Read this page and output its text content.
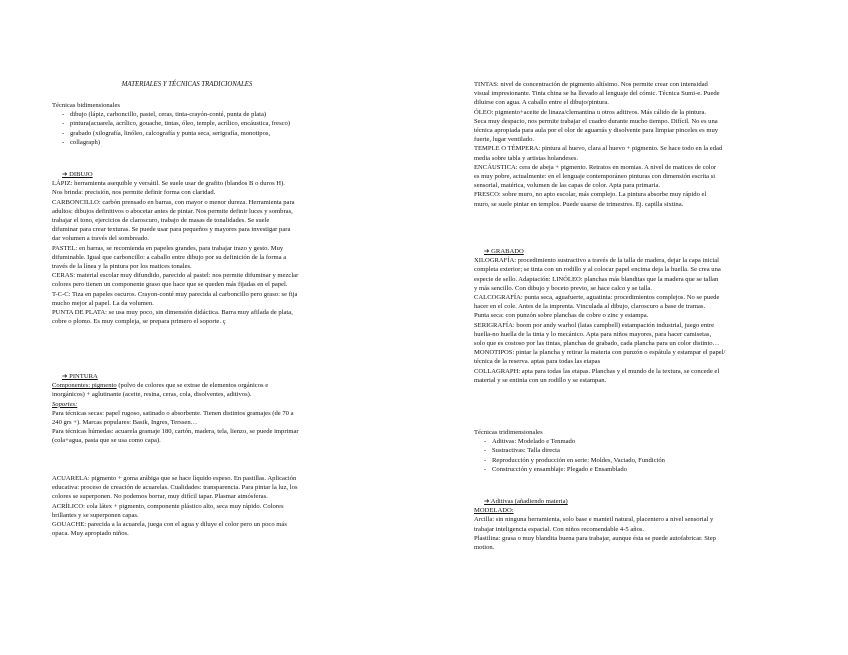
MATERIALES Y TÉCNICAS TRADICIONALES

Técnicas bidimensionales

- dibujo (lápiz, carboncillo, pastel, ceras, tinta-crayón-conté, punta de plata)
- pintura(acuarela, acrílico, gouache, tintas, óleo, temple, acrílico, encáustica, fresco)
- grabado (xilografía, linóleo, calcografía y punta seca, serigrafía, monotipos,
- collagraph)

➔ DIBUJO

LÁPIZ: herramienta asequible y versátil. Se suele usar de grafito (blandos B o duros H).

Nos brinda: precisión, nos permite definir forma con claridad.

CARBONCILLO: carbón prensado en barras, con mayor o menor dureza. Herramienta para

adultos: dibujos definitivos o abocetar antes de pintar. Nos permite definir luces y sombras,

trabajar el tono, ejercicios de claroscuro, trabajo de masas de tonalidades. Se suele

difuminar para crear texturas. Se puede usar para pequeños y mayores para investigar para

dar volumen a través del sombreado.

PASTEL: en barras, se recomienda en papeles grandes, para trabajar trazo y gesto. Muy

difuminable. Igual que carboncillo: a caballo entre dibujo por su definición de la forma a

través de la línea y la pintura por los matices tonales.

CERAS: material escolar muy difundido, parecido al pastel: nos permite difuminar y mezclar

colores pero tienen un componente graso que hace que se queden más fijadas en el papel.

T-C-C: Tiza en papeles oscuros. Crayon-conté muy parecida al carboncillo pero graso: se fija

mucho mejor al papel. La da volumen.

PUNTA DE PLATA: se usa muy poco, sin dimensión didáctica. Barra muy afilada de plata,

cobre o plomo. Es muy compleja, se prepara primero el soporte. ç

➔ PINTURA

Componentes: pigmento (polvo de colores que se extrae de elementos orgánicos e

inorgánicos) + aglutinante (aceite, resina, ceras, cola, disolventes, aditivos).

Soportes:

Para técnicas secas: papel rugoso, satinado o absorbente. Tienen distintos gramajes (de 70 a

240 grs +). Marcas populares: Basik, Ingres, Terssen…

Para técnicas húmedas: acuarela gramaje 180, cartón, madera, tela, lienzo, se puede imprimar

(cola+agua, pasta que se usa como capa).

ACUARELA: pigmento + goma arábiga que se hace líquido espeso. En pastillas. Aplicación

educativa: proceso de creación de acuarelas. Cualidades: transparencia. Para pintar la luz, los

colores se superponen. No podemos borrar, muy difícil tapar. Plasmar atmósferas.

ACRÍLICO: cola látex + pigmento, componente plástico alto, seca muy rápido. Colores

brillantes y se superponen capas.

GOUACHE: parecida a la acuarela, juega con el agua y diluye el color pero un poco más

opaca. Muy apropiado niños.

TINTAS: nivel de concentración de pigmento altísimo. Nos permite crear con intensidad

visual impresionante. Tinta china se ha llevado al lenguaje del cómic. Técnica Sumi-e. Puede

diluirse con agua. A caballo entre el dibujo/pintura.

ÓLEO: pigmento+aceite de linaza/clemantina u otros aditivos. Más cálido de la pintura.

Seca muy despacio, nos permite trabajar el cuadro durante mucho tiempo. Difícil. No es una

técnica apropiada para aula por el olor de aguarrás y disolvente para limpiar pinceles es muy

fuerte, lugar ventilado.

TEMPLE O TÉMPERA: pintura al huevo, clara al huevo + pigmento. Se hace todo en la edad

media sobre tabla y artistas holandeses.

ENCÁUSTICA: cera de abeja + pigmento. Retratos en momias. A nivel de matices de color

es muy pobre, actualmente: en el lenguaje contemporáneo pinturas con dimensión escrita si

sensorial, matérica, volumen de las capas de color. Apta para primaria.

FRESCO: sobre muro, no apto escolar, más complejo. La pintura absorbe muy rápido el

muro, se suele pintar en templos. Puede usarse de trimestres. Ej. capilla sixtina.

➔ GRABADO

XILOGRAFÍA: procedimiento sustractivo a través de la talla de madera, dejar la capa inicial

completa exterior; se tinta con un rodillo y al colocar papel encima deja la huella. Se crea una

especie de sello. Adaptación: LINÓLEO: planchas más blanditas que la madera que se tallan

y más sencillo. Con dibujo y boceto previo, se hace calco y se talla.

CALCOGRAFÍA: punta seca, aguafuerte, aguatinta: procedimientos complejos. No se puede

hacer en el cole. Antes de la imprenta. Vinculada al dibujo, claroscuro a base de tramas.

Punta seca: con punzón sobre planchas de cobre o zinc y estampa.

SERIGRAFÍA: boom por andy warhol (latas campbell) estampación industrial, juego entre

huella-no huella de la tinta y lo mecánico. Apta para niños mayores, para hacer camisetas,

solo que es costoso por las tintas, planchas de grabado, cada plancha para un color distinto…

MONOTIPOS: pintar la plancha y retirar la materia con punzón o espátula y estampar el papel/

técnica de la reserva. aptas para todas las etapas

COLLAGRAPH: apta para todas las etapas. Planchas y el mundo de la textura, se concede el

material y se entinta con un rodillo y se estampan.

Técnicas tridimensionales

- Aditivas: Modelado e Tenmado
- Sustractivas: Talla directa
- Reproducción y producción en serie: Moldes, Vaciado, Fundición
- Construcción y ensamblaje: Plegado e Ensamblado

➔ Aditivas (añadiendo materia)

MODELADO:

Arcilla: sin ninguna herramienta, solo base e manteil natural, placentero a nivel sensorial y

trabajar inteligencia espacial. Con niños recomendable 4-5 años.

Plastilina: grasa o muy blandita buena para trabajar, aunque ésta se puede autofabricar. Step

motion.
